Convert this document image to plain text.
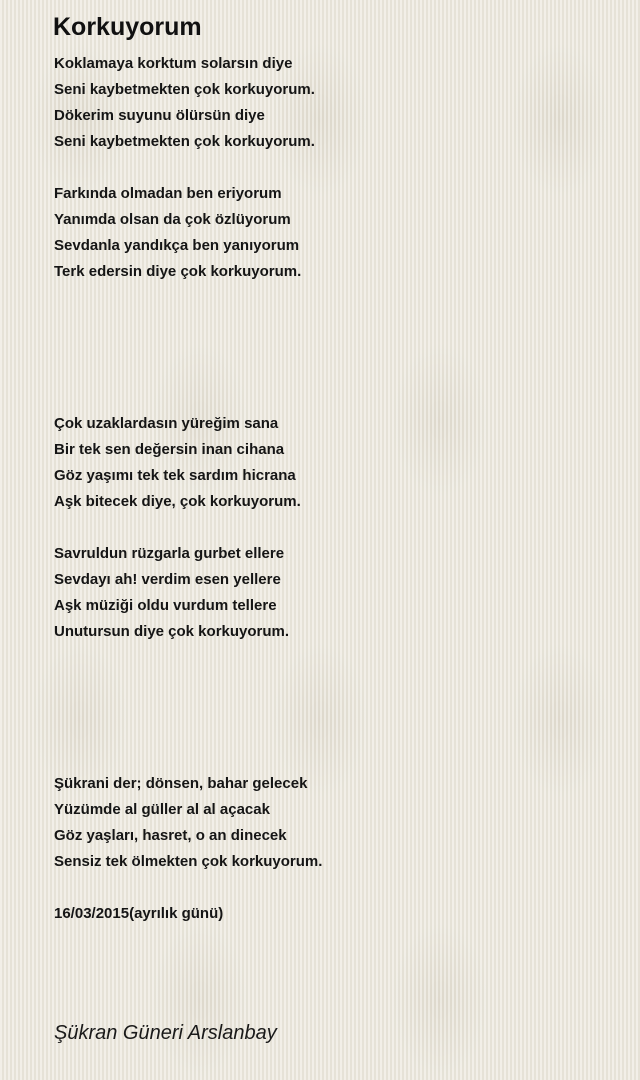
Korkuyorum
Koklamaya korktum solarsın diye
Seni kaybetmekten çok korkuyorum.
Dökerim suyunu ölürsün diye
Seni kaybetmekten çok korkuyorum.
Farkında olmadan ben eriyorum
Yanımda olsan da çok özlüyorum
Sevdanla yandıkça ben yanıyorum
Terk edersin diye çok korkuyorum.
Çok uzaklardasın yüreğim sana
Bir tek sen değersin inan cihana
Göz yaşımı tek tek sardım hicrana
Aşk bitecek diye, çok korkuyorum.
Savruldun rüzgarla gurbet ellere
Sevdayı ah! verdim esen yellere
Aşk müziği oldu vurdum tellere
Unutursun diye çok korkuyorum.
Şükrani der; dönsen, bahar gelecek
Yüzümde al güller al al açacak
Göz yaşları, hasret, o an dinecek
Sensiz tek ölmekten çok korkuyorum.
16/03/2015(ayrılık günü)
Şükran Güneri Arslanbay
